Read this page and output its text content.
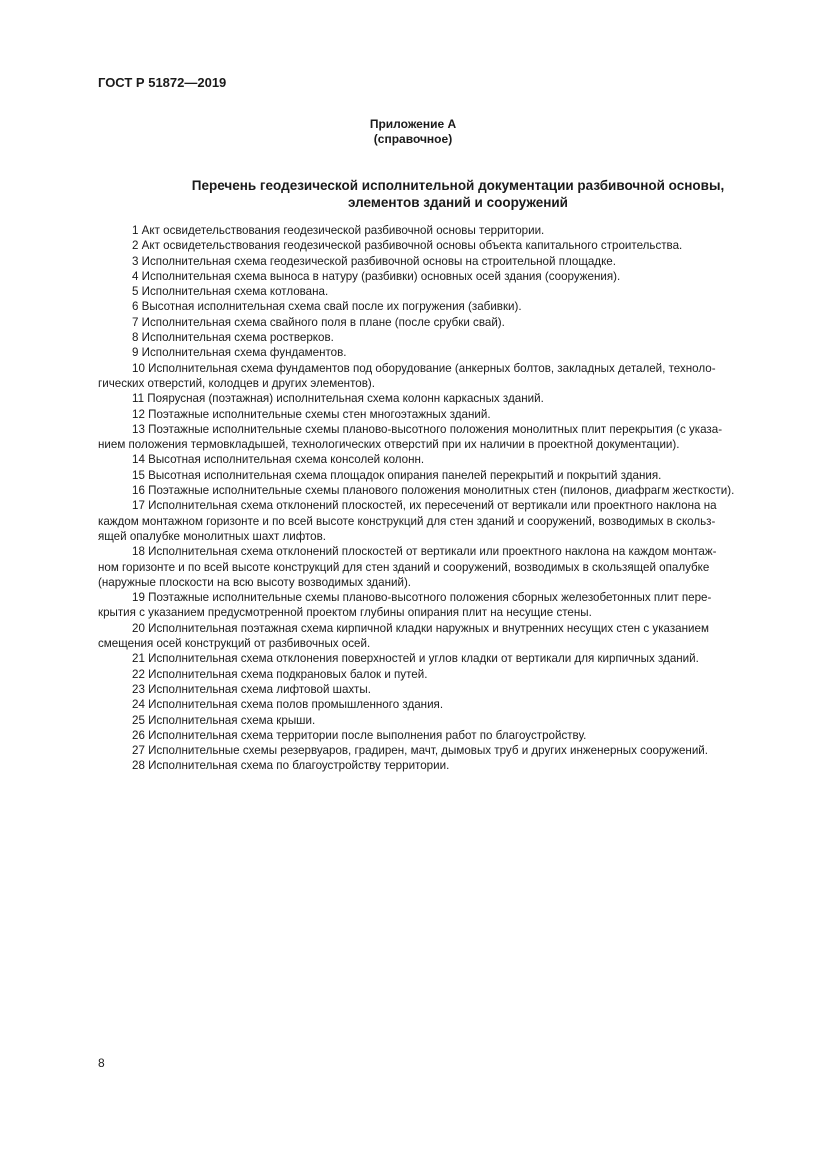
ГОСТ Р 51872—2019
Приложение А
(справочное)
Перечень геодезической исполнительной документации разбивочной основы,
элементов зданий и сооружений
1 Акт освидетельствования геодезической разбивочной основы территории.
2 Акт освидетельствования геодезической разбивочной основы объекта капитального строительства.
3 Исполнительная схема геодезической разбивочной основы на строительной площадке.
4 Исполнительная схема выноса в натуру (разбивки) основных осей здания (сооружения).
5 Исполнительная схема котлована.
6 Высотная исполнительная схема свай после их погружения (забивки).
7 Исполнительная схема свайного поля в плане (после срубки свай).
8 Исполнительная схема ростверков.
9 Исполнительная схема фундаментов.
10 Исполнительная схема фундаментов под оборудование (анкерных болтов, закладных деталей, техноло-
гических отверстий, колодцев и других элементов).
11 Поярусная (поэтажная) исполнительная схема колонн каркасных зданий.
12 Поэтажные исполнительные схемы стен многоэтажных зданий.
13 Поэтажные исполнительные схемы планово-высотного положения монолитных плит перекрытия (с указа-
нием положения термовкладышей, технологических отверстий при их наличии в проектной документации).
14 Высотная исполнительная схема консолей колонн.
15 Высотная исполнительная схема площадок опирания панелей перекрытий и покрытий здания.
16 Поэтажные исполнительные схемы планового положения монолитных стен (пилонов, диафрагм жесткости).
17 Исполнительная схема отклонений плоскостей, их пересечений от вертикали или проектного наклона на
каждом монтажном горизонте и по всей высоте конструкций для стен зданий и сооружений, возводимых в скольз-
ящей опалубке монолитных шахт лифтов.
18 Исполнительная схема отклонений плоскостей от вертикали или проектного наклона на каждом монтаж-
ном горизонте и по всей высоте конструкций для стен зданий и сооружений, возводимых в скользящей опалубке
(наружные плоскости на всю высоту возводимых зданий).
19 Поэтажные исполнительные схемы планово-высотного положения сборных железобетонных плит пере-
крытия с указанием предусмотренной проектом глубины опирания плит на несущие стены.
20 Исполнительная поэтажная схема кирпичной кладки наружных и внутренних несущих стен с указанием
смещения осей конструкций от разбивочных осей.
21 Исполнительная схема отклонения поверхностей и углов кладки от вертикали для кирпичных зданий.
22 Исполнительная схема подкрановых балок и путей.
23 Исполнительная схема лифтовой шахты.
24 Исполнительная схема полов промышленного здания.
25 Исполнительная схема крыши.
26 Исполнительная схема территории после выполнения работ по благоустройству.
27 Исполнительные схемы резервуаров, градирен, мачт, дымовых труб и других инженерных сооружений.
28 Исполнительная схема по благоустройству территории.
8
